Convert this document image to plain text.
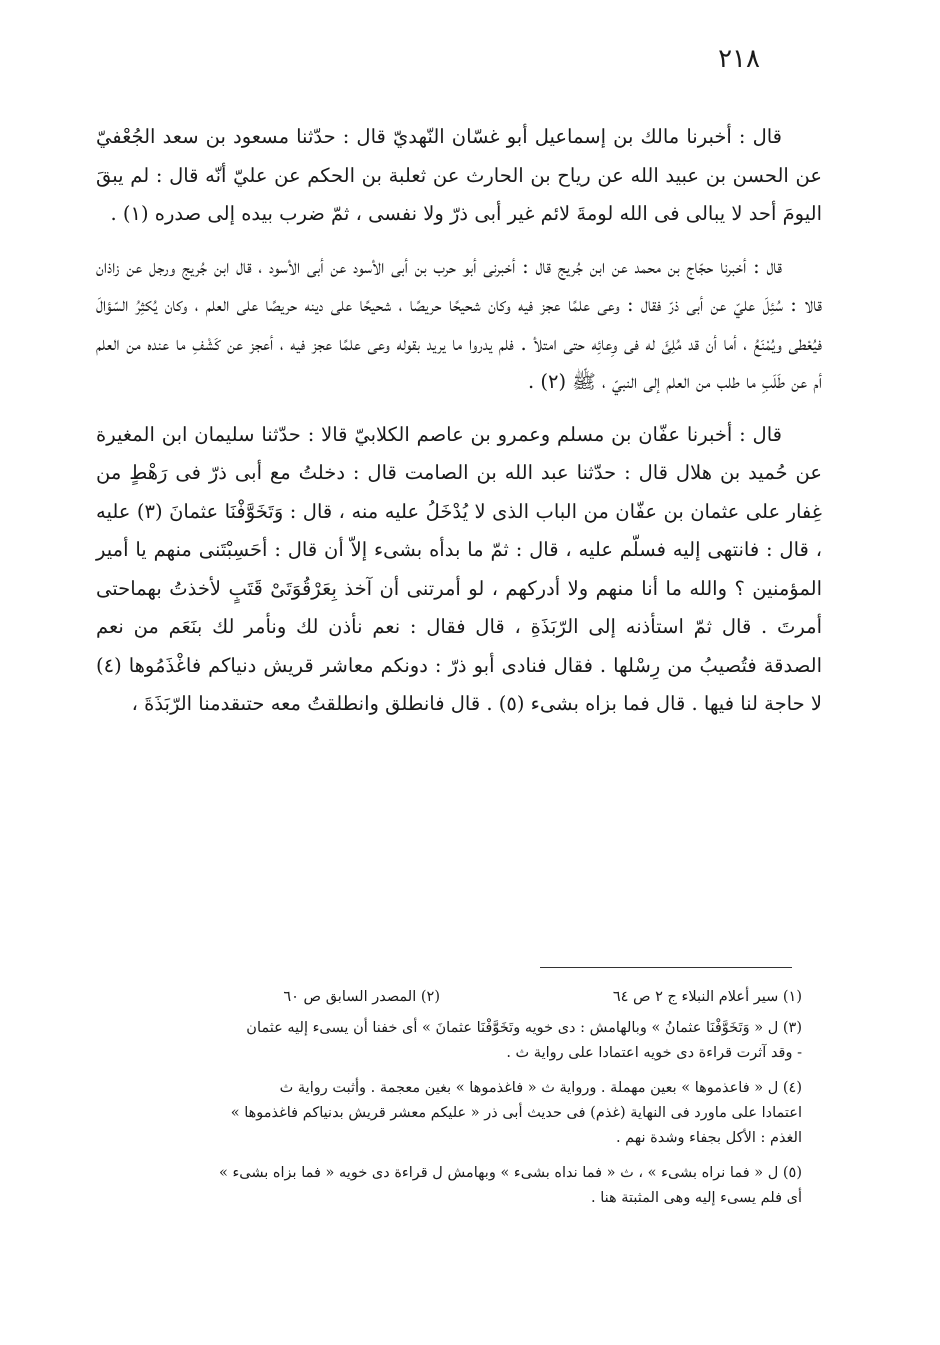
٢١٨

قال : أخبرنا مالك بن إسماعيل أبو غسّان النّهديّ قال : حدّثنا مسعود بن سعد الجُعْفيّ عن الحسن بن عبيد الله عن رياح بن الحارث عن ثعلبة بن الحكم عن عليّ أنّه قال : لم يبقَ اليومَ أحد لا يبالى فى الله لومةَ لائم غير أبى ذرّ ولا نفسى ، ثمّ ضرب بيده إلى صدره (١) .

قال : أخبرنا حجّاج بن محمد عن ابن جُريج قال : أخبرنى أبو حرب بن أبى الأسود عن أبى الأسود ، قال ابن جُريج ورجل عن زاذان قالا : سُئِلَ عليّ عن أبى ذرّ فقال : وعى علمًا عجز فيه وكان شحيحًا حريصًا ، شحيحًا على دينه حريصًا على العلم ، وكان يُكثِرُ السّؤالَ فيُعْطى ويُمْنَعُ ، أما أن قد مُلِئَ له فى وِعائِه حتى امتلأ . فلم يدروا ما يريد بقوله وعى علمًا عجز فيه ، أعجز عن كَشْفِ ما عنده من العلم أم عن طَلَبِ ما طلب من العلم إلى النبيّ ، ﷺ (٢) .

قال : أخبرنا عفّان بن مسلم وعمرو بن عاصم الكلابيّ قالا : حدّثنا سليمان ابن المغيرة عن حُميد بن هلال قال : حدّثنا عبد الله بن الصامت قال : دخلتُ مع أبى ذرّ فى رَهْطٍ من غِفار على عثمان بن عفّان من الباب الذى لا يُدْخَلُ عليه منه ، قال : وَتَخَوَّفْنَا عثمانَ (٣) عليه ، قال : فانتهى إليه فسلّم عليه ، قال : ثمّ ما بدأه بشىء إلاّ أن قال : أحَسِبْتَنى منهم يا أمير المؤمنين ؟ والله ما أنا منهم ولا أدركهم ، لو أمرتنى أن آخذ بِعَرْقُوَتَىْ قَتَبٍ لأخذتُ بهماحتى أمرتَ . قال ثمّ استأذنه إلى الرّبَذَةِ ، قال فقال : نعم نأذن لك ونأمر لك بنَعَم من نعم الصدقة فتُصيبُ من رِسْلها . فقال فنادى أبو ذرّ : دونكم معاشر قريش دنياكم فاغْذَمُوها (٤) لا حاجة لنا فيها . قال فما بزاه بشىء (٥) . قال فانطلق وانطلقتُ معه حتىقدمنا الرّبَذَةَ ،

(١) سير أعلام النبلاء ج ٢ ص ٦٤
(٢) المصدر السابق ص ٦٠

(٣) ل « وَتَخَوَّفْنَا عثمانُ » وبالهامش : دى خويه وتَخَوَّفْنَا عثمانَ » أى خفنا أن يسىء إليه عثمان
- وقد آثرت قراءة دى خويه اعتمادا على رواية ث .

(٤) ل « فاعذموها » بعين مهملة . ورواية ث « فاغذموها » بغين معجمة . وأثبت رواية ث
اعتمادا على ماورد فى النهاية (غذم) فى حديث أبى ذر « عليكم معشر قريش بدنياكم فاغذموها »
الغذم : الأكل بجفاء وشدة نهم .

(٥) ل « فما نراه بشىء » ، ث « فما نداه بشىء » وبهامش ل قراءة دى خويه « فما بزاه بشىء »
أى فلم يسىء إليه وهى المثبتة هنا .
